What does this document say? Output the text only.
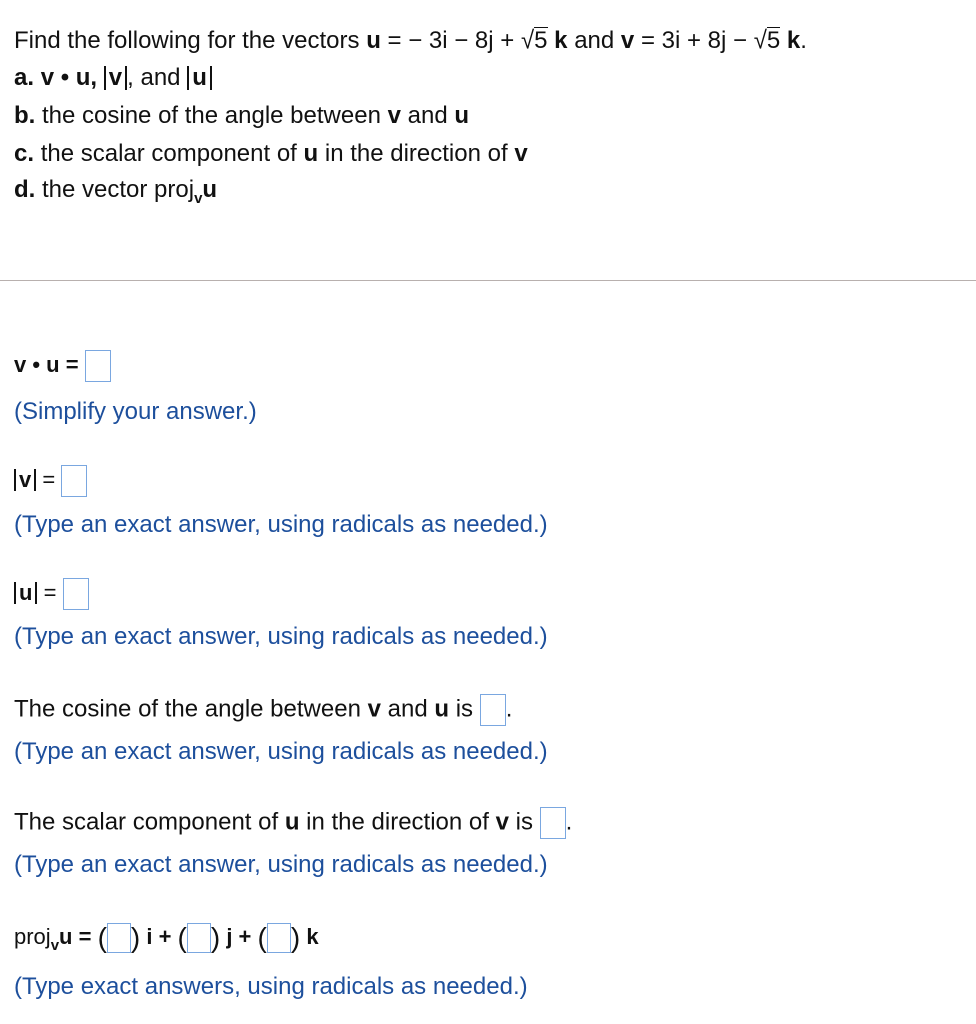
Find the following for the vectors u = − 3i − 8j + √5 k and v = 3i + 8j − √5 k.
a. v • u, v , and u
b. the cosine of the angle between v and u
c. the scalar component of u in the direction of v
d. the vector proj$_v$u
v • u =
(Simplify your answer.)
v =
(Type an exact answer, using radicals as needed.)
u =
(Type an exact answer, using radicals as needed.)
The cosine of the angle between v and u is .
(Type an exact answer, using radicals as needed.)
The scalar component of u in the direction of v is .
(Type an exact answer, using radicals as needed.)
proj$_v$u = ( ) i + ( ) j + ( ) k
(Type exact answers, using radicals as needed.)
